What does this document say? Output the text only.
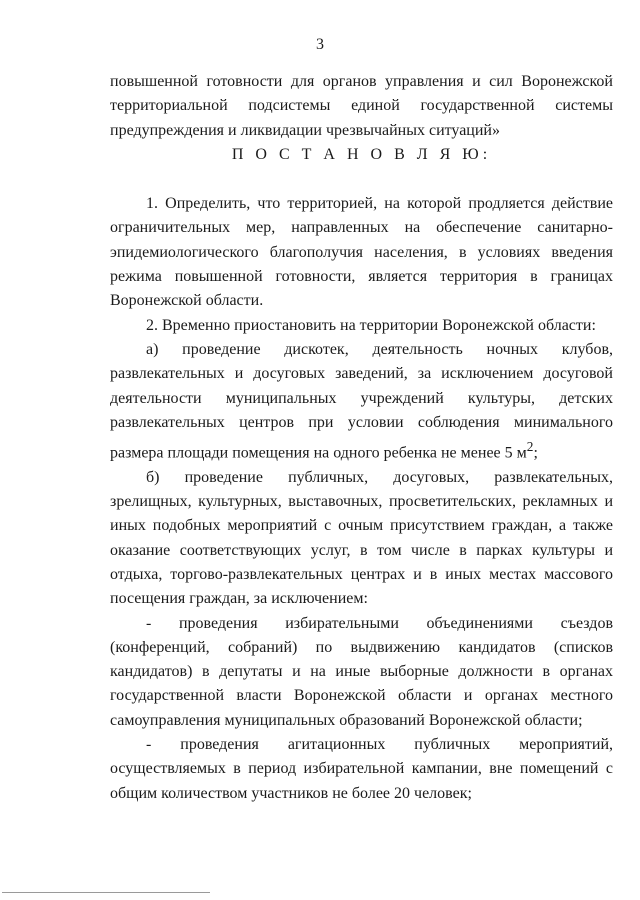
3

повышенной готовности для органов управления и сил Воронежской территориальной подсистемы единой государственной системы предупреждения и ликвидации чрезвычайных ситуаций»

П О С Т А Н О В Л Я Ю:

1. Определить, что территорией, на которой продляется действие ограничительных мер, направленных на обеспечение санитарно-эпидемиологического благополучия населения, в условиях введения режима повышенной готовности, является территория в границах Воронежской области.

2. Временно приостановить на территории Воронежской области:

а) проведение дискотек, деятельность ночных клубов, развлекательных и досуговых заведений, за исключением досуговой деятельности муниципальных учреждений культуры, детских развлекательных центров при условии соблюдения минимального размера площади помещения на одного ребенка не менее 5 $м^2$;

б) проведение публичных, досуговых, развлекательных, зрелищных, культурных, выставочных, просветительских, рекламных и иных подобных мероприятий с очным присутствием граждан, а также оказание соответствующих услуг, в том числе в парках культуры и отдыха, торгово-развлекательных центрах и в иных местах массового посещения граждан, за исключением:

- проведения избирательными объединениями съездов (конференций, собраний) по выдвижению кандидатов (списков кандидатов) в депутаты и на иные выборные должности в органах государственной власти Воронежской области и органах местного самоуправления муниципальных образований Воронежской области;

- проведения агитационных публичных мероприятий, осуществляемых в период избирательной кампании, вне помещений с общим количеством участников не более 20 человек;
